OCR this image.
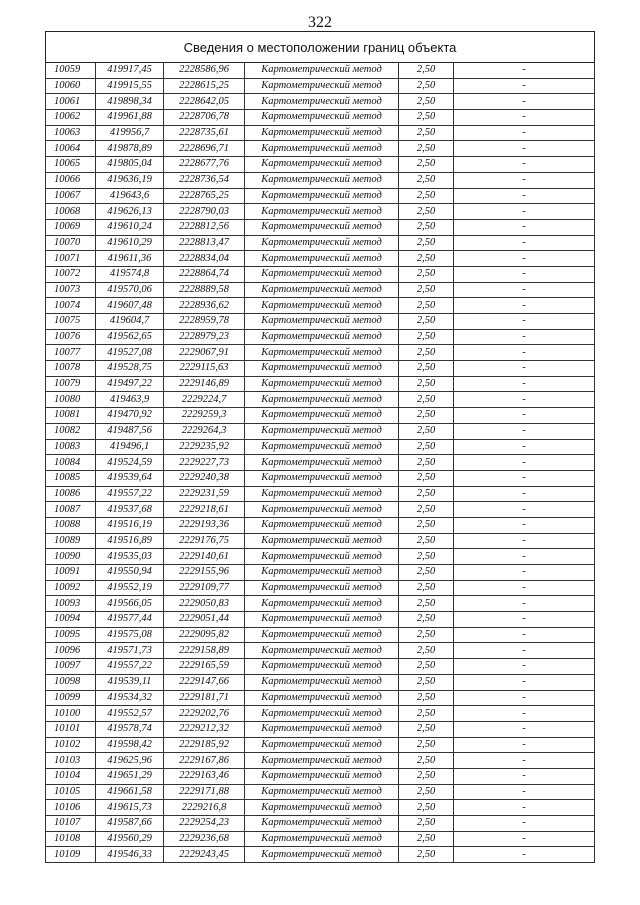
322
Сведения о местоположении границ объекта					
10059	419917,45	2228586,96	Картометрический метод	2,50	-
10060	419915,55	2228615,25	Картометрический метод	2,50	-
10061	419898,34	2228642,05	Картометрический метод	2,50	-
10062	419961,88	2228706,78	Картометрический метод	2,50	-
10063	419956,7	2228735,61	Картометрический метод	2,50	-
10064	419878,89	2228696,71	Картометрический метод	2,50	-
10065	419805,04	2228677,76	Картометрический метод	2,50	-
10066	419636,19	2228736,54	Картометрический метод	2,50	-
10067	419643,6	2228765,25	Картометрический метод	2,50	-
10068	419626,13	2228790,03	Картометрический метод	2,50	-
10069	419610,24	2228812,56	Картометрический метод	2,50	-
10070	419610,29	2228813,47	Картометрический метод	2,50	-
10071	419611,36	2228834,04	Картометрический метод	2,50	-
10072	419574,8	2228864,74	Картометрический метод	2,50	-
10073	419570,06	2228889,58	Картометрический метод	2,50	-
10074	419607,48	2228936,62	Картометрический метод	2,50	-
10075	419604,7	2228959,78	Картометрический метод	2,50	-
10076	419562,65	2228979,23	Картометрический метод	2,50	-
10077	419527,08	2229067,91	Картометрический метод	2,50	-
10078	419528,75	2229115,63	Картометрический метод	2,50	-
10079	419497,22	2229146,89	Картометрический метод	2,50	-
10080	419463,9	2229224,7	Картометрический метод	2,50	-
10081	419470,92	2229259,3	Картометрический метод	2,50	-
10082	419487,56	2229264,3	Картометрический метод	2,50	-
10083	419496,1	2229235,92	Картометрический метод	2,50	-
10084	419524,59	2229227,73	Картометрический метод	2,50	-
10085	419539,64	2229240,38	Картометрический метод	2,50	-
10086	419557,22	2229231,59	Картометрический метод	2,50	-
10087	419537,68	2229218,61	Картометрический метод	2,50	-
10088	419516,19	2229193,36	Картометрический метод	2,50	-
10089	419516,89	2229176,75	Картометрический метод	2,50	-
10090	419535,03	2229140,61	Картометрический метод	2,50	-
10091	419550,94	2229155,96	Картометрический метод	2,50	-
10092	419552,19	2229109,77	Картометрический метод	2,50	-
10093	419566,05	2229050,83	Картометрический метод	2,50	-
10094	419577,44	2229051,44	Картометрический метод	2,50	-
10095	419575,08	2229095,82	Картометрический метод	2,50	-
10096	419571,73	2229158,89	Картометрический метод	2,50	-
10097	419557,22	2229165,59	Картометрический метод	2,50	-
10098	419539,11	2229147,66	Картометрический метод	2,50	-
10099	419534,32	2229181,71	Картометрический метод	2,50	-
10100	419552,57	2229202,76	Картометрический метод	2,50	-
10101	419578,74	2229212,32	Картометрический метод	2,50	-
10102	419598,42	2229185,92	Картометрический метод	2,50	-
10103	419625,96	2229167,86	Картометрический метод	2,50	-
10104	419651,29	2229163,46	Картометрический метод	2,50	-
10105	419661,58	2229171,88	Картометрический метод	2,50	-
10106	419615,73	2229216,8	Картометрический метод	2,50	-
10107	419587,66	2229254,23	Картометрический метод	2,50	-
10108	419560,29	2229236,68	Картометрический метод	2,50	-
10109	419546,33	2229243,45	Картометрический метод	2,50	-
